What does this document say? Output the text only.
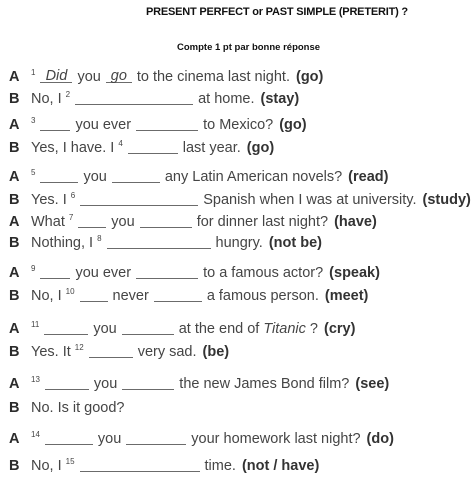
PRESENT PERFECT or PAST SIMPLE (PRETERIT) ?
Compte 1 pt par bonne réponse
A	1 Did you go to the cinema last night. (go)
B No, I 2	at home. (stay)
A	3	you ever	to Mexico? (go)
B Yes, I have. I 4	last year. (go)
A	5	you	any Latin American novels? (read)
B Yes. I 6	Spanish when I was at university. (study)
A What 7	you	for dinner last night? (have)
B Nothing, I 8	hungry. (not be)
A	9	you ever	to a famous actor? (speak)
B No, I 10	never	a famous person. (meet)
A	11	you	at the end of Titanic ? (cry)
B Yes. It 12	very sad. (be)
A	13	you	the new James Bond film? (see)
B No. Is it good?
A	14	you	your homework last night? (do)
B No, I 15	time. (not / have)
